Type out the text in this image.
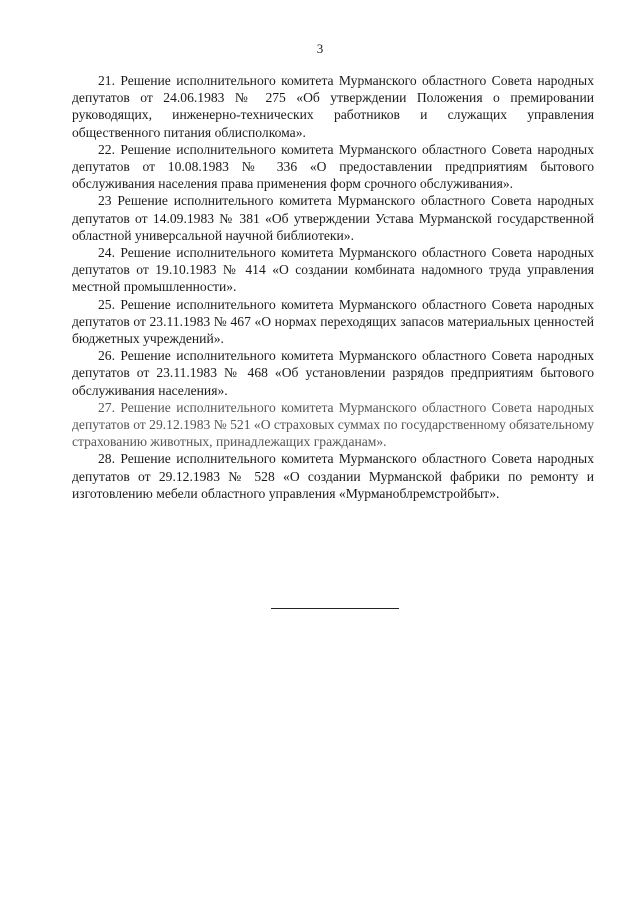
3

21. Решение исполнительного комитета Мурманского областного Совета народных депутатов от 24.06.1983 № 275 «Об утверждении Положения о премировании руководящих, инженерно-технических работников и служащих управления общественного питания облисполкома».

22. Решение исполнительного комитета Мурманского областного Совета народных депутатов от 10.08.1983 № 336 «О предоставлении предприятиям бытового обслуживания населения права применения форм срочного обслуживания».

23 Решение исполнительного комитета Мурманского областного Совета народных депутатов от 14.09.1983 № 381 «Об утверждении Устава Мурманской государственной областной универсальной научной библиотеки».

24. Решение исполнительного комитета Мурманского областного Совета народных депутатов от 19.10.1983 № 414 «О создании комбината надомного труда управления местной промышленности».

25. Решение исполнительного комитета Мурманского областного Совета народных депутатов от 23.11.1983 № 467 «О нормах переходящих запасов материальных ценностей бюджетных учреждений».

26. Решение исполнительного комитета Мурманского областного Совета народных депутатов от 23.11.1983 № 468 «Об установлении разрядов предприятиям бытового обслуживания населения».

27. Решение исполнительного комитета Мурманского областного Совета народных депутатов от 29.12.1983 № 521 «О страховых суммах по государственному обязательному страхованию животных, принадлежащих гражданам».

28. Решение исполнительного комитета Мурманского областного Совета народных депутатов от 29.12.1983 № 528 «О создании Мурманской фабрики по ремонту и изготовлению мебели областного управления «Мурманоблремстройбыт».
